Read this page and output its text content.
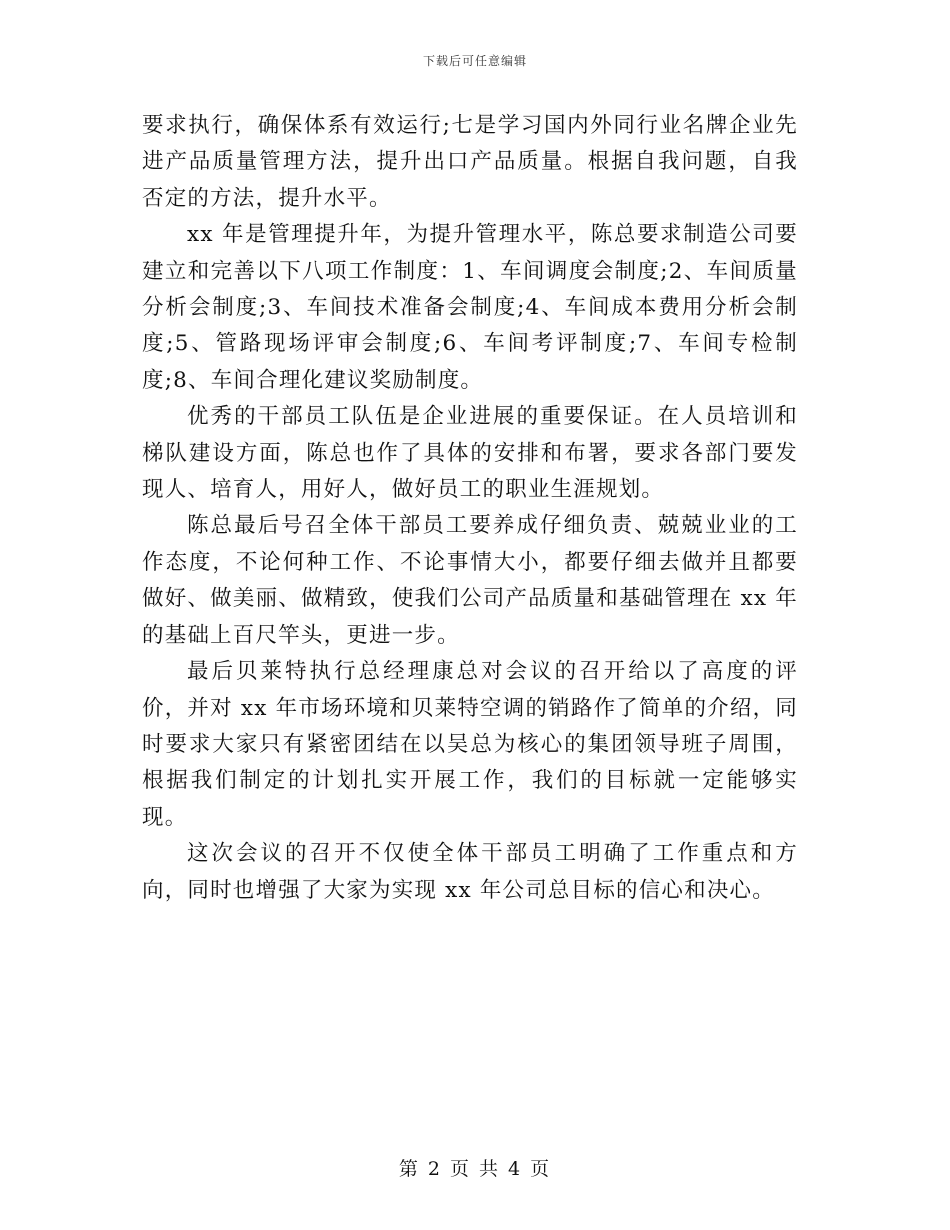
下载后可任意编辑

要求执行，确保体系有效运行;七是学习国内外同行业名牌企业先进产品质量管理方法，提升出口产品质量。根据自我问题，自我否定的方法，提升水平。

xx 年是管理提升年，为提升管理水平，陈总要求制造公司要建立和完善以下八项工作制度：1、车间调度会制度;2、车间质量分析会制度;3、车间技术准备会制度;4、车间成本费用分析会制度;5、管路现场评审会制度;6、车间考评制度;7、车间专检制度;8、车间合理化建议奖励制度。

优秀的干部员工队伍是企业进展的重要保证。在人员培训和梯队建设方面，陈总也作了具体的安排和布署，要求各部门要发现人、培育人，用好人，做好员工的职业生涯规划。

陈总最后号召全体干部员工要养成仔细负责、兢兢业业的工作态度，不论何种工作、不论事情大小，都要仔细去做并且都要做好、做美丽、做精致，使我们公司产品质量和基础管理在 xx 年的基础上百尺竿头，更进一步。

最后贝莱特执行总经理康总对会议的召开给以了高度的评价，并对 xx 年市场环境和贝莱特空调的销路作了简单的介绍，同时要求大家只有紧密团结在以吴总为核心的集团领导班子周围，根据我们制定的计划扎实开展工作，我们的目标就一定能够实现。

这次会议的召开不仅使全体干部员工明确了工作重点和方向，同时也增强了大家为实现 xx 年公司总目标的信心和决心。

第 2 页 共 4 页
